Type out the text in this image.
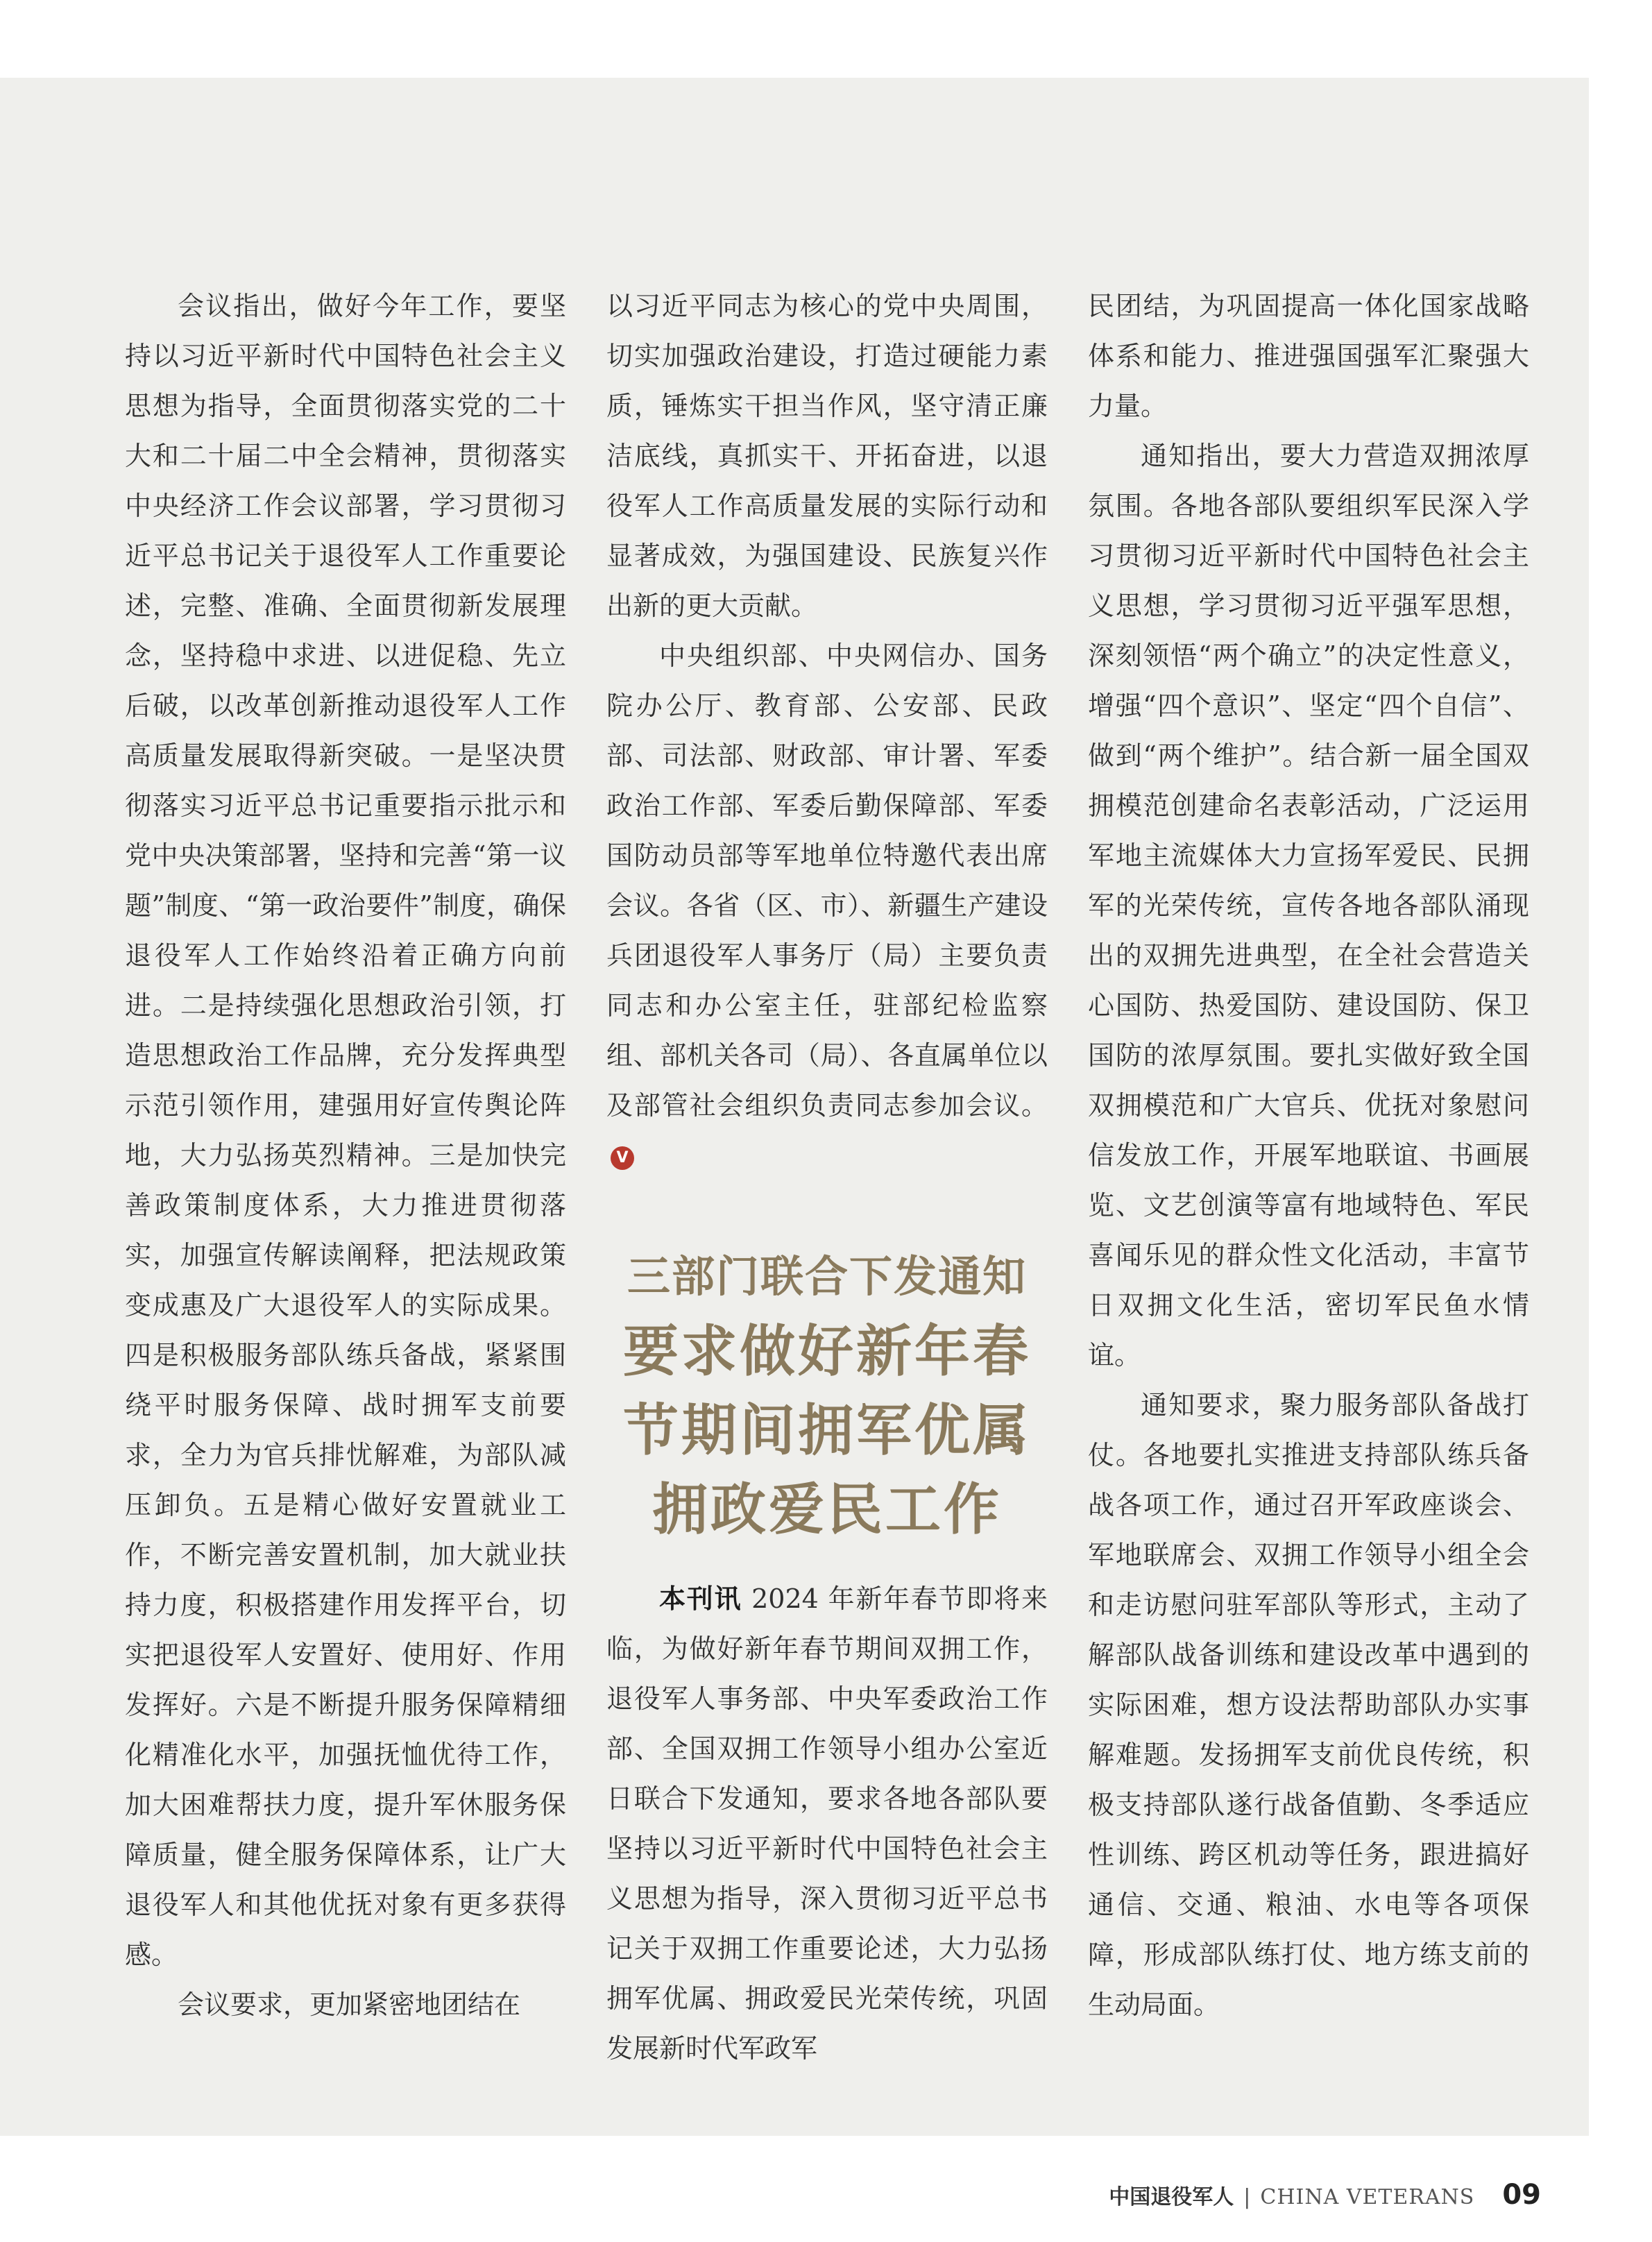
会议指出，做好今年工作，要坚持以习近平新时代中国特色社会主义思想为指导，全面贯彻落实党的二十大和二十届二中全会精神，贯彻落实中央经济工作会议部署，学习贯彻习近平总书记关于退役军人工作重要论述，完整、准确、全面贯彻新发展理念，坚持稳中求进、以进促稳、先立后破，以改革创新推动退役军人工作高质量发展取得新突破。一是坚决贯彻落实习近平总书记重要指示批示和党中央决策部署，坚持和完善“第一议题”制度、“第一政治要件”制度，确保退役军人工作始终沿着正确方向前进。二是持续强化思想政治引领，打造思想政治工作品牌，充分发挥典型示范引领作用，建强用好宣传舆论阵地，大力弘扬英烈精神。三是加快完善政策制度体系，大力推进贯彻落实，加强宣传解读阐释，把法规政策变成惠及广大退役军人的实际成果。四是积极服务部队练兵备战，紧紧围绕平时服务保障、战时拥军支前要求，全力为官兵排忧解难，为部队减压卸负。五是精心做好安置就业工作，不断完善安置机制，加大就业扶持力度，积极搭建作用发挥平台，切实把退役军人安置好、使用好、作用发挥好。六是不断提升服务保障精细化精准化水平，加强抚恤优待工作，加大困难帮扶力度，提升军休服务保障质量，健全服务保障体系，让广大退役军人和其他优抚对象有更多获得感。

会议要求，更加紧密地团结在

以习近平同志为核心的党中央周围，切实加强政治建设，打造过硬能力素质，锤炼实干担当作风，坚守清正廉洁底线，真抓实干、开拓奋进，以退役军人工作高质量发展的实际行动和显著成效，为强国建设、民族复兴作出新的更大贡献。

中央组织部、中央网信办、国务院办公厅、教育部、公安部、民政部、司法部、财政部、审计署、军委政治工作部、军委后勤保障部、军委国防动员部等军地单位特邀代表出席会议。各省（区、市）、新疆生产建设兵团退役军人事务厅（局）主要负责同志和办公室主任，驻部纪检监察组、部机关各司（局）、各直属单位以及部管社会组织负责同志参加会议。V

三部门联合下发通知
要求做好新年春
节期间拥军优属
拥政爱民工作

本刊讯 2024 年新年春节即将来临，为做好新年春节期间双拥工作，退役军人事务部、中央军委政治工作部、全国双拥工作领导小组办公室近日联合下发通知，要求各地各部队要坚持以习近平新时代中国特色社会主义思想为指导，深入贯彻习近平总书记关于双拥工作重要论述，大力弘扬拥军优属、拥政爱民光荣传统，巩固发展新时代军政军

民团结，为巩固提高一体化国家战略体系和能力、推进强国强军汇聚强大力量。

通知指出，要大力营造双拥浓厚氛围。各地各部队要组织军民深入学习贯彻习近平新时代中国特色社会主义思想，学习贯彻习近平强军思想，深刻领悟“两个确立”的决定性意义，增强“四个意识”、坚定“四个自信”、做到“两个维护”。结合新一届全国双拥模范创建命名表彰活动，广泛运用军地主流媒体大力宣扬军爱民、民拥军的光荣传统，宣传各地各部队涌现出的双拥先进典型，在全社会营造关心国防、热爱国防、建设国防、保卫国防的浓厚氛围。要扎实做好致全国双拥模范和广大官兵、优抚对象慰问信发放工作，开展军地联谊、书画展览、文艺创演等富有地域特色、军民喜闻乐见的群众性文化活动，丰富节日双拥文化生活，密切军民鱼水情谊。

通知要求，聚力服务部队备战打仗。各地要扎实推进支持部队练兵备战各项工作，通过召开军政座谈会、军地联席会、双拥工作领导小组全会和走访慰问驻军部队等形式，主动了解部队战备训练和建设改革中遇到的实际困难，想方设法帮助部队办实事解难题。发扬拥军支前优良传统，积极支持部队遂行战备值勤、冬季适应性训练、跨区机动等任务，跟进搞好通信、交通、粮油、水电等各项保障，形成部队练打仗、地方练支前的生动局面。

中国退役军人 | CHINA VETERANS 09
